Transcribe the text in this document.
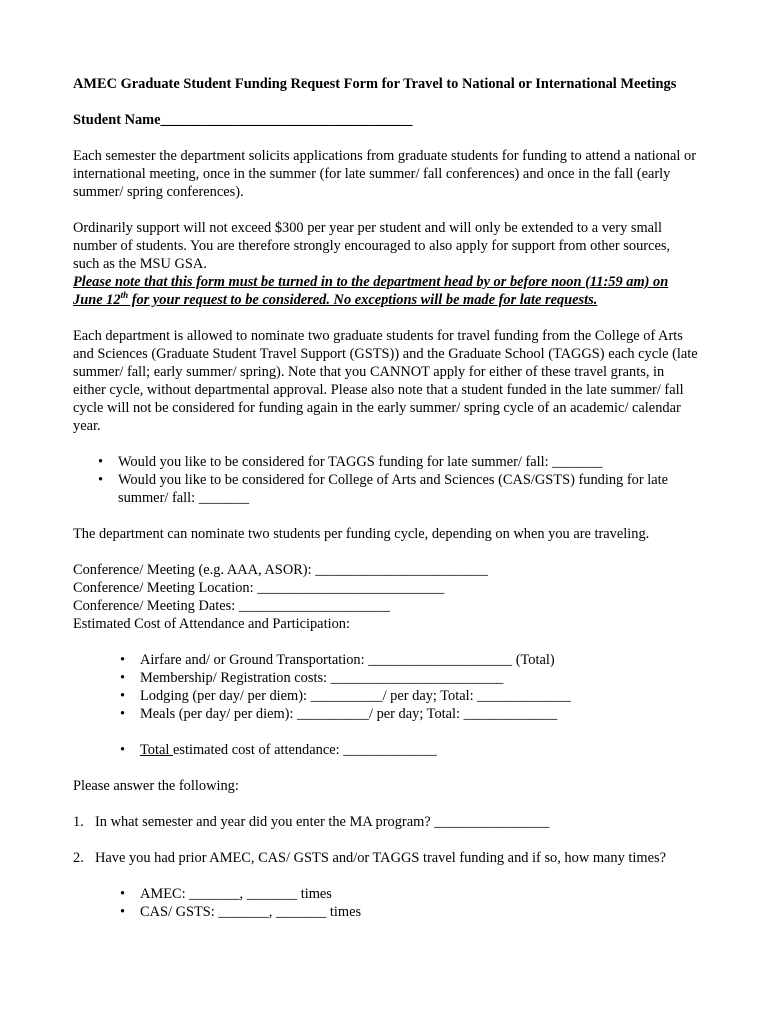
AMEC Graduate Student Funding Request Form for Travel to National or International Meetings
Student Name___________________________________

Each semester the department solicits applications from graduate students for funding to attend a national or international meeting, once in the summer (for late summer/ fall conferences) and once in the fall (early summer/ spring conferences).

Ordinarily support will not exceed $300 per year per student and will only be extended to a very small number of students. You are therefore strongly encouraged to also apply for support from other sources, such as the MSU GSA.

Please note that this form must be turned in to the department head by or before noon (11:59 am) on June 12th for your request to be considered. No exceptions will be made for late requests.

Each department is allowed to nominate two graduate students for travel funding from the College of Arts and Sciences (Graduate Student Travel Support (GSTS)) and the Graduate School (TAGGS) each cycle (late summer/ fall; early summer/ spring). Note that you CANNOT apply for either of these travel grants, in either cycle, without departmental approval. Please also note that a student funded in the late summer/ fall cycle will not be considered for funding again in the early summer/ spring cycle of an academic/ calendar year.

• Would you like to be considered for TAGGS funding for late summer/ fall: _______
• Would you like to be considered for College of Arts and Sciences (CAS/GSTS) funding for late summer/ fall: _______

The department can nominate two students per funding cycle, depending on when you are traveling.

Conference/ Meeting (e.g. AAA, ASOR): ________________________
Conference/ Meeting Location: __________________________
Conference/ Meeting Dates: _____________________
Estimated Cost of Attendance and Participation:
• Airfare and/ or Ground Transportation: ____________________ (Total)
• Membership/ Registration costs: ________________________
• Lodging (per day/ per diem): __________/ per day; Total: _____________
• Meals (per day/ per diem): __________/ per day; Total: _____________
• Total estimated cost of attendance: _____________

Please answer the following:

1. In what semester and year did you enter the MA program? ________________
2. Have you had prior AMEC, CAS/ GSTS and/or TAGGS travel funding and if so, how many times?
• AMEC: _______, _______ times
• CAS/ GSTS: _______, _______ times
